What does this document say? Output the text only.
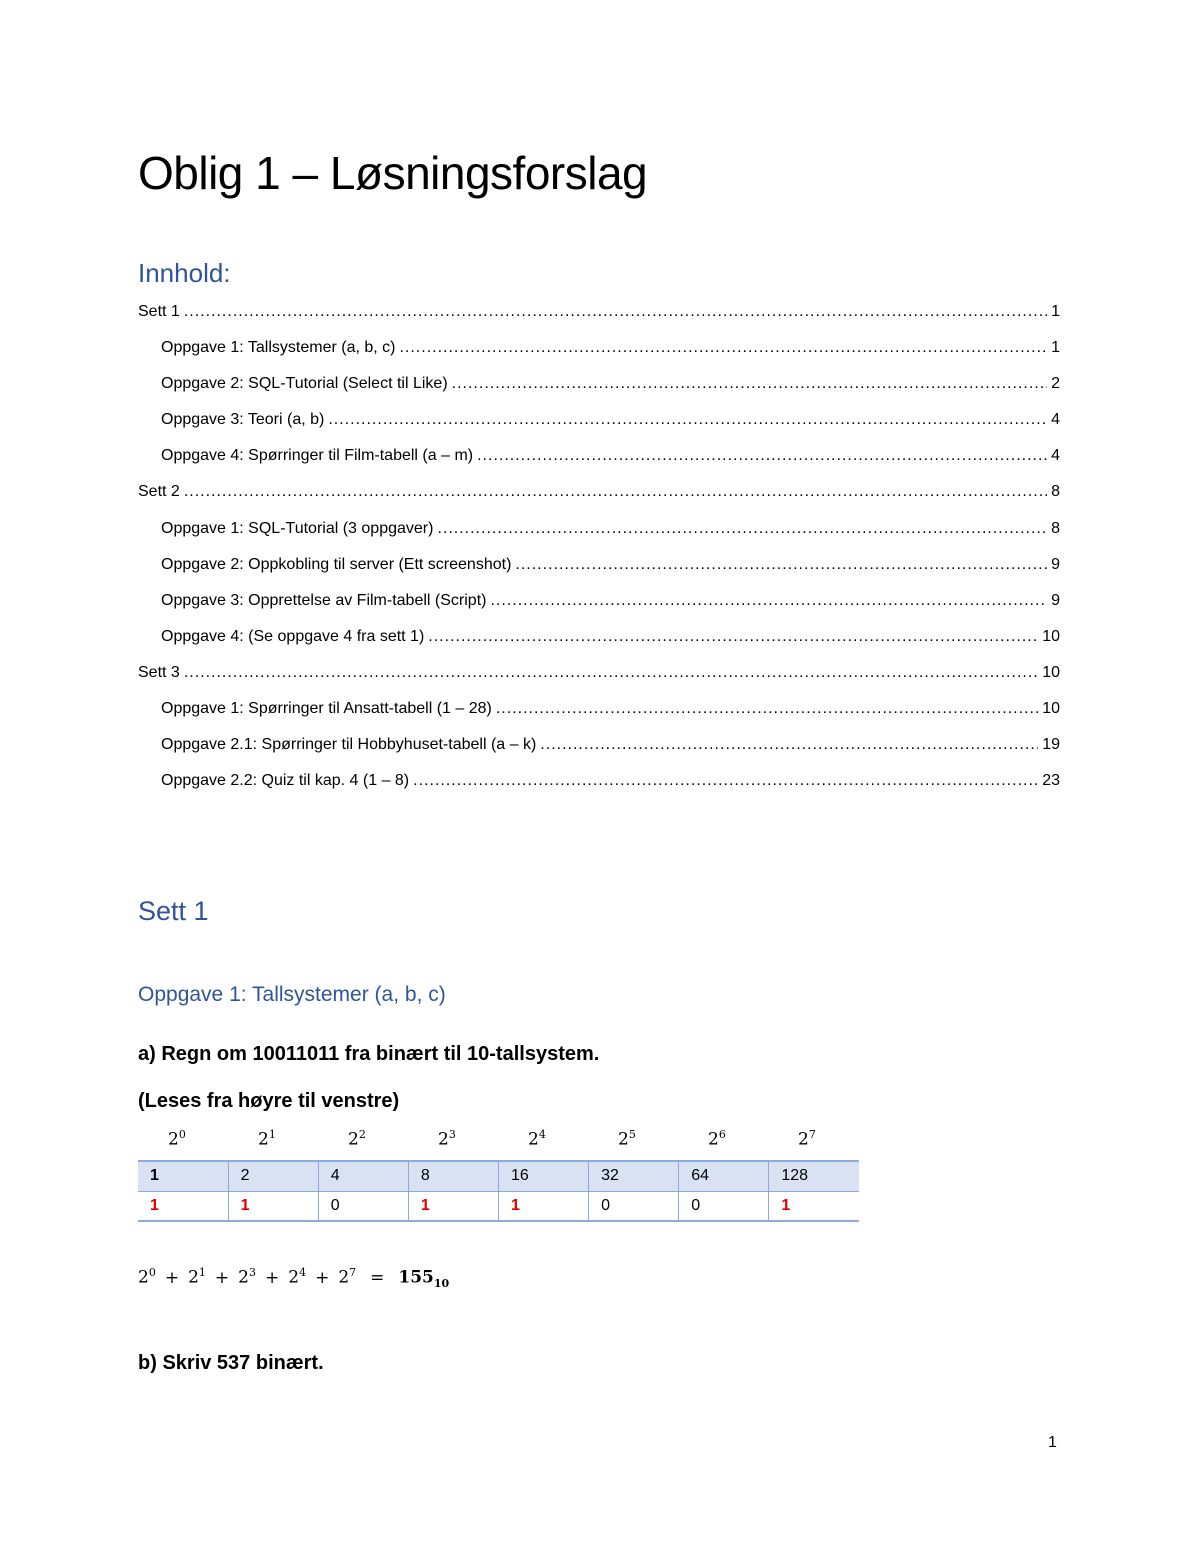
Oblig 1 – Løsningsforslag
Innhold:
Sett 1 .....	1
Oppgave 1: Tallsystemer (a, b, c) .....	1
Oppgave 2: SQL-Tutorial (Select til Like) .....	2
Oppgave 3: Teori (a, b) .....	4
Oppgave 4: Spørringer til Film-tabell (a – m) .....	4
Sett 2 .....	8
Oppgave 1: SQL-Tutorial (3 oppgaver) .....	8
Oppgave 2: Oppkobling til server (Ett screenshot) .....	9
Oppgave 3: Opprettelse av Film-tabell (Script) .....	9
Oppgave 4: (Se oppgave 4 fra sett 1) .....	10
Sett 3 .....	10
Oppgave 1: Spørringer til Ansatt-tabell (1 – 28) .....	10
Oppgave 2.1: Spørringer til Hobbyhuset-tabell (a – k) .....	19
Oppgave 2.2: Quiz til kap. 4 (1 – 8) .....	23
Sett 1
Oppgave 1: Tallsystemer (a, b, c)

a) Regn om 10011011 fra binært til 10-tallsystem.

(Leses fra høyre til venstre)

$2^0$	$2^1$	$2^2$	$2^3$	$2^4$	$2^5$	$2^6$	$2^7$
1	2	4	8	16	32	64	128
1	1	0	1	1	0	0	1
$2^0 + 2^1 + 2^3 + 2^4 + 2^7 = 155_{10}$

b) Skriv 537 binært.

1
